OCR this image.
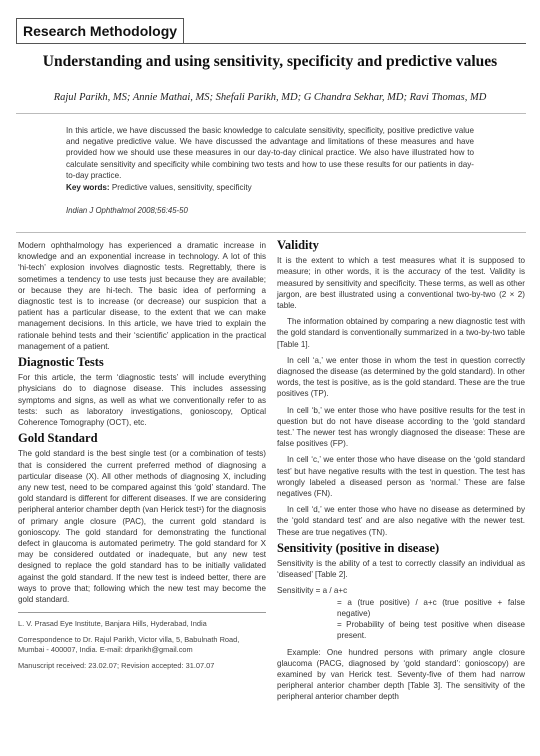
Research Methodology
Understanding and using sensitivity, specificity and predictive values
Rajul Parikh, MS; Annie Mathai, MS; Shefali Parikh, MD; G Chandra Sekhar, MD; Ravi Thomas, MD
In this article, we have discussed the basic knowledge to calculate sensitivity, specificity, positive predictive value and negative predictive value. We have discussed the advantage and limitations of these measures and have provided how we should use these measures in our day-to-day clinical practice. We also have illustrated how to calculate sensitivity and specificity while combining two tests and how to use these results for our patients in day-to-day practice.
Key words: Predictive values, sensitivity, specificity
Indian J Ophthalmol 2008;56:45-50

Modern ophthalmology has experienced a dramatic increase in knowledge and an exponential increase in technology. A lot of this ‘hi-tech’ explosion involves diagnostic tests. Regrettably, there is sometimes a tendency to use tests just because they are available; or because they are hi-tech. The basic idea of performing a diagnostic test is to increase (or decrease) our suspicion that a patient has a particular disease, to the extent that we can make management decisions. In this article, we have tried to explain the rationale behind tests and their ‘scientific’ application in the practical management of a patient.

Diagnostic Tests

For this article, the term ‘diagnostic tests’ will include everything physicians do to diagnose disease. This includes assessing symptoms and signs, as well as what we conventionally refer to as tests: such as laboratory investigations, gonioscopy, Optical Coherence Tomography (OCT), etc.

Gold Standard

The gold standard is the best single test (or a combination of tests) that is considered the current preferred method of diagnosing a particular disease (X). All other methods of diagnosing X, including any new test, need to be compared against this ‘gold’ standard. The gold standard is different for different diseases. If we are considering peripheral anterior chamber depth (van Herick test¹) for the diagnosis of primary angle closure (PAC), the current gold standard is gonioscopy. The gold standard for demonstrating the functional defect in glaucoma is automated perimetry. The gold standard for X may be considered outdated or inadequate, but any new test designed to replace the gold standard has to be initially validated against the gold standard. If the new test is indeed better, there are ways to prove that; following which the new test may become the gold standard.

L. V. Prasad Eye Institute, Banjara Hills, Hyderabad, India
Correspondence to Dr. Rajul Parikh, Victor villa, 5, Babulnath Road, Mumbai - 400007, India. E-mail: drparikh@gmail.com
Manuscript received: 23.02.07; Revision accepted: 31.07.07
Validity

It is the extent to which a test measures what it is supposed to measure; in other words, it is the accuracy of the test. Validity is measured by sensitivity and specificity. These terms, as well as other jargon, are best illustrated using a conventional two-by-two (2 × 2) table.

The information obtained by comparing a new diagnostic test with the gold standard is conventionally summarized in a two-by-two table [Table 1].

In cell ‘a,’ we enter those in whom the test in question correctly diagnosed the disease (as determined by the gold standard). In other words, the test is positive, as is the gold standard. These are the true positives (TP).

In cell ‘b,’ we enter those who have positive results for the test in question but do not have disease according to the ‘gold standard test.’ The newer test has wrongly diagnosed the disease: These are false positives (FP).

In cell ‘c,’ we enter those who have disease on the ‘gold standard test’ but have negative results with the test in question. The test has wrongly labeled a diseased person as ‘normal.’ These are false negatives (FN).

In cell ‘d,’ we enter those who have no disease as determined by the ‘gold standard test’ and are also negative with the newer test. These are true negatives (TN).

Sensitivity (positive in disease)

Sensitivity is the ability of a test to correctly classify an individual as ‘diseased’ [Table 2].

Sensitivity = a / a+c
= a (true positive) / a+c (true positive + false negative)
= Probability of being test positive when disease present.

Example: One hundred persons with primary angle closure glaucoma (PACG, diagnosed by ‘gold standard’: gonioscopy) are examined by van Herick test. Seventy-five of them had narrow peripheral anterior chamber depth [Table 3]. The sensitivity of the peripheral anterior chamber depth
